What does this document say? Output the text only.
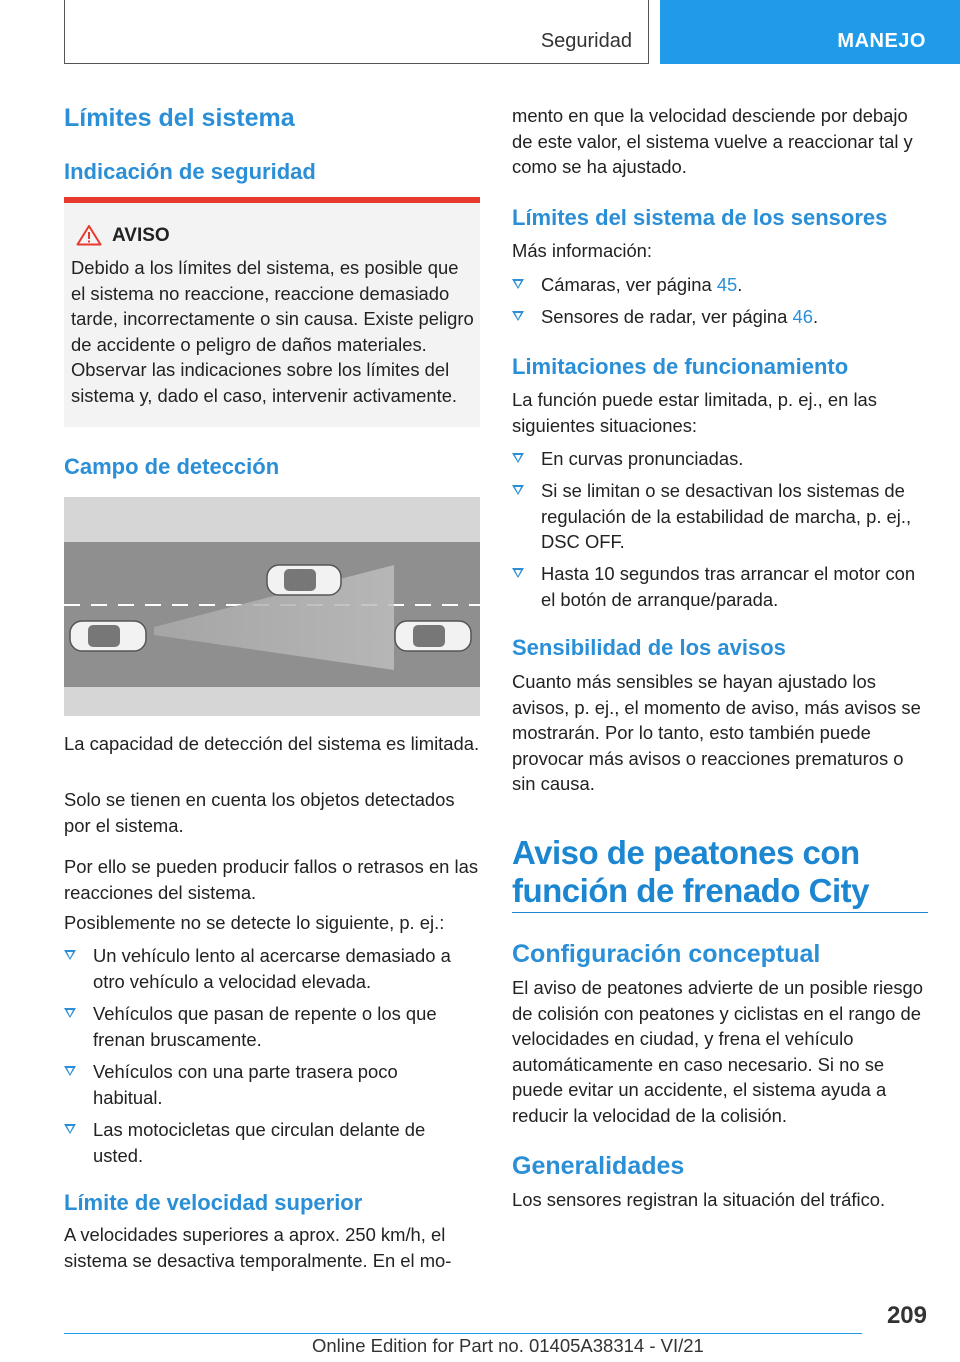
Seguridad	MANEJO
Límites del sistema
Indicación de seguridad
AVISO
Debido a los límites del sistema, es posible que el sistema no reaccione, reaccione demasiado tarde, incorrectamente o sin causa. Existe peligro de accidente o peligro de daños materiales. Observar las indicaciones sobre los límites del sistema y, dado el caso, intervenir activamente.
Campo de detección

La capacidad de detección del sistema es limitada.

Solo se tienen en cuenta los objetos detectados por el sistema.

Por ello se pueden producir fallos o retrasos en las reacciones del sistema.

Posiblemente no se detecte lo siguiente, p. ej.:

Un vehículo lento al acercarse demasiado a otro vehículo a velocidad elevada.
Vehículos que pasan de repente o los que frenan bruscamente.
Vehículos con una parte trasera poco habitual.
Las motocicletas que circulan delante de usted.
Límite de velocidad superior

A velocidades superiores a aprox. 250 km/h, el sistema se desactiva temporalmente. En el mo-

mento en que la velocidad desciende por debajo de este valor, el sistema vuelve a reaccionar tal y como se ha ajustado.

Límites del sistema de los sensores

Más información:

Cámaras, ver página 45.
Sensores de radar, ver página 46.
Limitaciones de funcionamiento

La función puede estar limitada, p. ej., en las siguientes situaciones:

En curvas pronunciadas.
Si se limitan o se desactivan los sistemas de regulación de la estabilidad de marcha, p. ej., DSC OFF.
Hasta 10 segundos tras arrancar el motor con el botón de arranque/parada.
Sensibilidad de los avisos

Cuanto más sensibles se hayan ajustado los avisos, p. ej., el momento de aviso, más avisos se mostrarán. Por lo tanto, esto también puede provocar más avisos o reacciones prematuros o sin causa.

Aviso de peatones con
función de frenado City
Configuración conceptual

El aviso de peatones advierte de un posible riesgo de colisión con peatones y ciclistas en el rango de velocidades en ciudad, y frena el vehículo automáticamente en caso necesario. Si no se puede evitar un accidente, el sistema ayuda a reducir la velocidad de la colisión.

Generalidades

Los sensores registran la situación del tráfico.

209
Online Edition for Part no. 01405A38314 - VI/21
